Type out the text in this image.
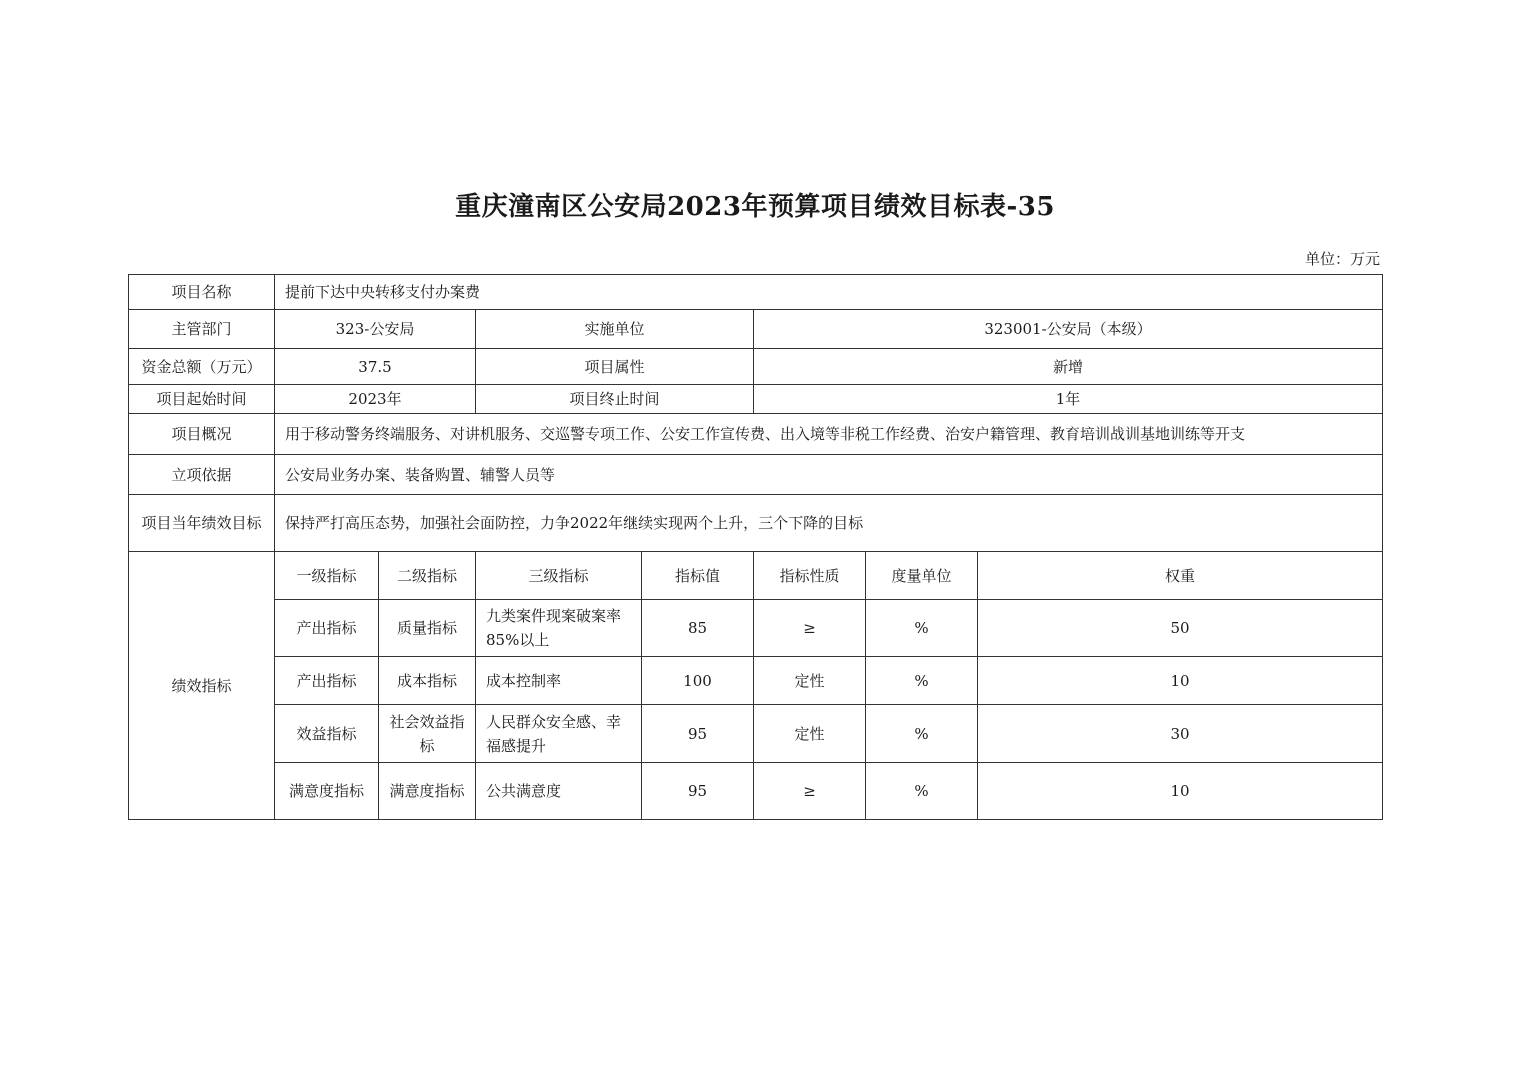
重庆潼南区公安局2023年预算项目绩效目标表-35
单位：万元
项目名称	提前下达中央转移支付办案费						
主管部门	323-公安局		实施单位		323001-公安局（本级）		
资金总额（万元）	37.5		项目属性		新增		
项目起始时间	2023年		项目终止时间		1年		
项目概况	用于移动警务终端服务、对讲机服务、交巡警专项工作、公安工作宣传费、出入境等非税工作经费、治安户籍管理、教育培训战训基地训练等开支						
立项依据	公安局业务办案、装备购置、辅警人员等						
项目当年绩效目标	保持严打高压态势，加强社会面防控，力争2022年继续实现两个上升，三个下降的目标						
绩效指标	一级指标	二级指标	三级指标	指标值	指标性质	度量单位	权重
	产出指标	质量指标	九类案件现案破案率85%以上	85	≥	%	50
	产出指标	成本指标	成本控制率	100	定性	%	10
	效益指标	社会效益指标	人民群众安全感、幸福感提升	95	定性	%	30
	满意度指标	满意度指标	公共满意度	95	≥	%	10
